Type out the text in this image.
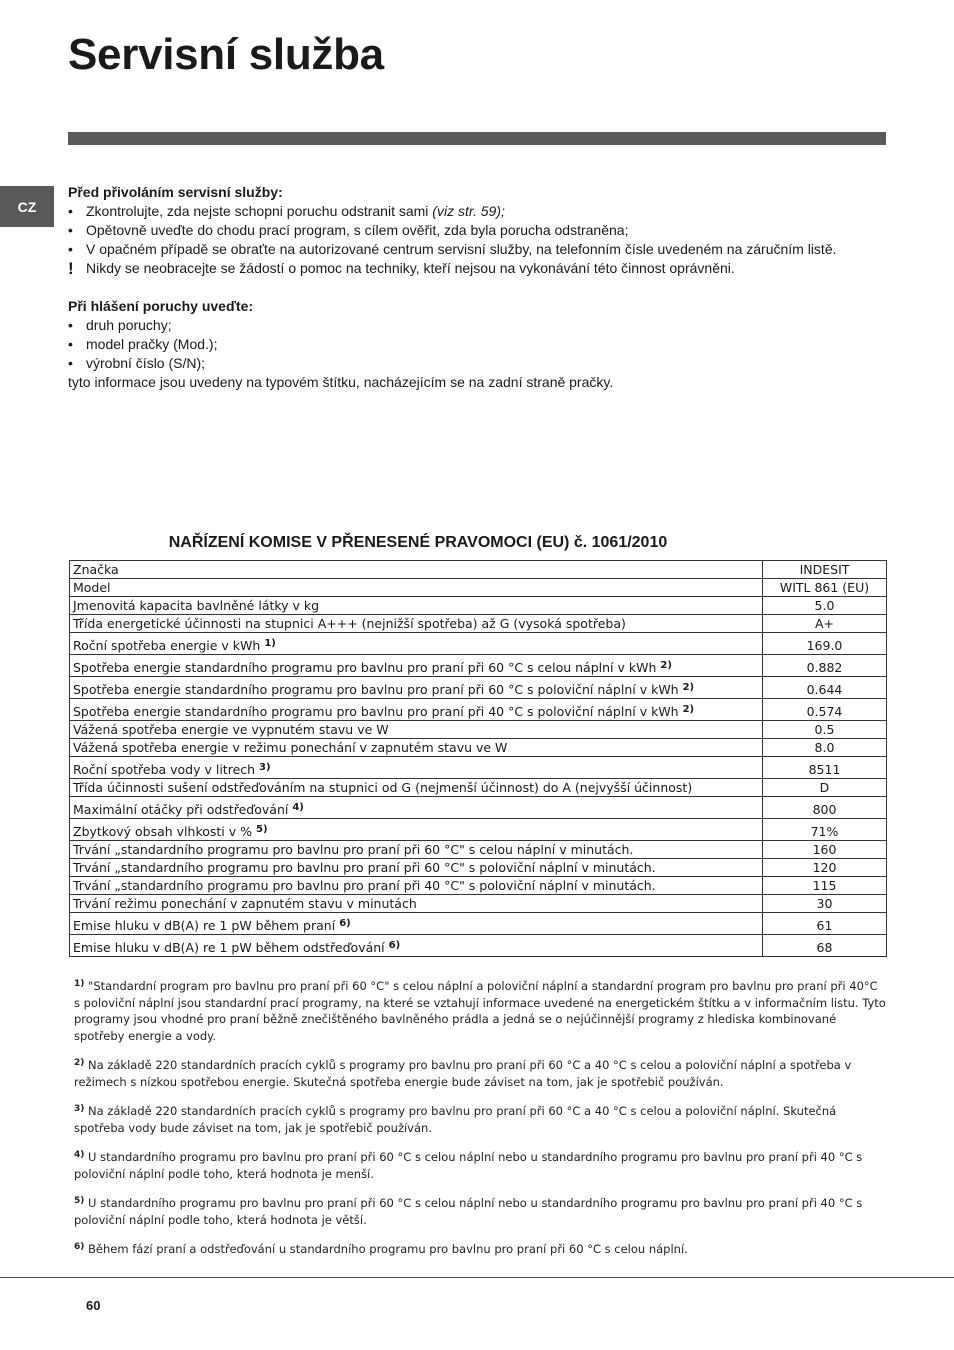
Servisní služba
CZ
Před přivoláním servisní služby:
• Zkontrolujte, zda nejste schopni poruchu odstranit sami (viz str. 59);
• Opětovně uveďte do chodu prací program, s cílem ověřit, zda byla porucha odstraněna;
• V opačném případě se obraťte na autorizované centrum servisní služby, na telefonním čísle uvedeném na záručním listě.
! Nikdy se neobracejte se žádostí o pomoc na techniky, kteří nejsou na vykonávání této činnost oprávněni.
Při hlášení poruchy uveďte:
• druh poruchy;
• model pračky (Mod.);
• výrobní číslo (S/N);
tyto informace jsou uvedeny na typovém štítku, nacházejícím se na zadní straně pračky.
NAŘÍZENÍ KOMISE V PŘENESENÉ PRAVOMOCI (EU) č. 1061/2010
Značka	INDESIT
Model	WITL 861 (EU)
Jmenovitá kapacita bavlněné látky v kg	5.0
Třída energetické účinnosti na stupnici A+++ (nejnižší spotřeba) až G (vysoká spotřeba)	A+
Roční spotřeba energie v kWh $^{1)}$	169.0
Spotřeba energie standardního programu pro bavlnu pro praní při 60 °C s celou náplní v kWh $^{2)}$	0.882
Spotřeba energie standardního programu pro bavlnu pro praní při 60 °C s poloviční náplní v kWh $^{2)}$	0.644
Spotřeba energie standardního programu pro bavlnu pro praní při 40 °C s poloviční náplní v kWh $^{2)}$	0.574
Vážená spotřeba energie ve vypnutém stavu ve W	0.5
Vážená spotřeba energie v režimu ponechání v zapnutém stavu ve W	8.0
Roční spotřeba vody v litrech $^{3)}$	8511
Třída účinnosti sušení odstřeďováním na stupnici od G (nejmenší účinnost) do A (nejvyšší účinnost)	D
Maximální otáčky při odstřeďování $^{4)}$	800
Zbytkový obsah vlhkosti v % $^{5)}$	71%
Trvání „standardního programu pro bavlnu pro praní při 60 °C" s celou náplní v minutách.	160
Trvání „standardního programu pro bavlnu pro praní při 60 °C" s poloviční náplní v minutách.	120
Trvání „standardního programu pro bavlnu pro praní při 40 °C" s poloviční náplní v minutách.	115
Trvání režimu ponechání v zapnutém stavu v minutách	30
Emise hluku v dB(A) re 1 pW během praní $^{6)}$	61
Emise hluku v dB(A) re 1 pW během odstřeďování $^{6)}$	68

$^{1)}$ "Standardní program pro bavlnu pro praní při 60 °C" s celou náplní a poloviční náplní a standardní program pro bavlnu pro praní při 40°C s poloviční náplní jsou standardní prací programy, na které se vztahují informace uvedené na energetickém štítku a v informačním listu. Tyto programy jsou vhodné pro praní běžně znečištěného bavlněného prádla a jedná se o nejúčinnější programy z hlediska kombinované spotřeby energie a vody.

$^{2)}$ Na základě 220 standardních pracích cyklů s programy pro bavlnu pro praní při 60 °C a 40 °C s celou a poloviční náplní a spotřeba v režimech s nízkou spotřebou energie. Skutečná spotřeba energie bude záviset na tom, jak je spotřebič používán.

$^{3)}$ Na základě 220 standardních pracích cyklů s programy pro bavlnu pro praní při 60 °C a 40 °C s celou a poloviční náplní. Skutečná spotřeba vody bude záviset na tom, jak je spotřebič používán.

$^{4)}$ U standardního programu pro bavlnu pro praní při 60 °C s celou náplní nebo u standardního programu pro bavlnu pro praní při 40 °C s poloviční náplní podle toho, která hodnota je menší.

$^{5)}$ U standardního programu pro bavlnu pro praní při 60 °C s celou náplní nebo u standardního programu pro bavlnu pro praní při 40 °C s poloviční náplní podle toho, která hodnota je větší.

$^{6)}$ Během fází praní a odstřeďování u standardního programu pro bavlnu pro praní při 60 °C s celou náplní.

60
